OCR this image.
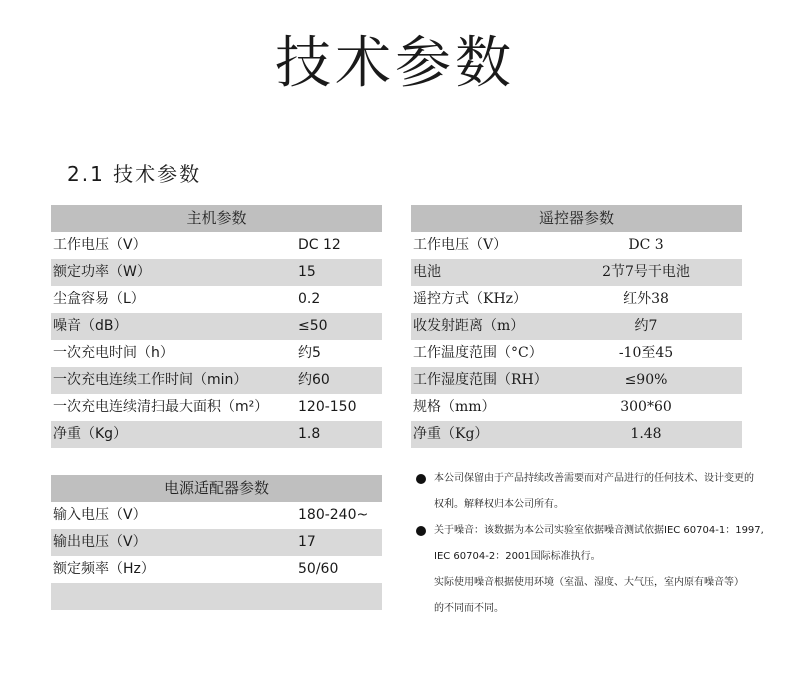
技术参数
2.1 技术参数
主机参数
工作电压（V）	DC 12
额定功率（W）	15
尘盒容易（L）	0.2
噪音（dB）	≤50
一次充电时间（h）	约5
一次充电连续工作时间（min）	约60
一次充电连续清扫最大面积（m²） 120-150
净重（Kg）	1.8
电源适配器参数
输入电压（V）	180-240~
输出电压（V）	17
额定频率（Hz）	50/60
遥控器参数
工作电压（V）	DC 3
电池	2节7号干电池
遥控方式（KHz）	红外38
收发射距离（m）	约7
工作温度范围（°C）	-10至45
工作湿度范围（RH）	≤90%
规格（mm）	300*60
净重（Kg）	1.48
本公司保留由于产品持续改善需要而对产品进行的任何技术、设计变更的
权利。解释权归本公司所有。
关于噪音：该数据为本公司实验室依据噪音测试依据IEC 60704-1：1997,
IEC 60704-2：2001国际标准执行。
实际使用噪音根据使用环境（室温、湿度、大气压，室内原有噪音等）
的不同而不同。
